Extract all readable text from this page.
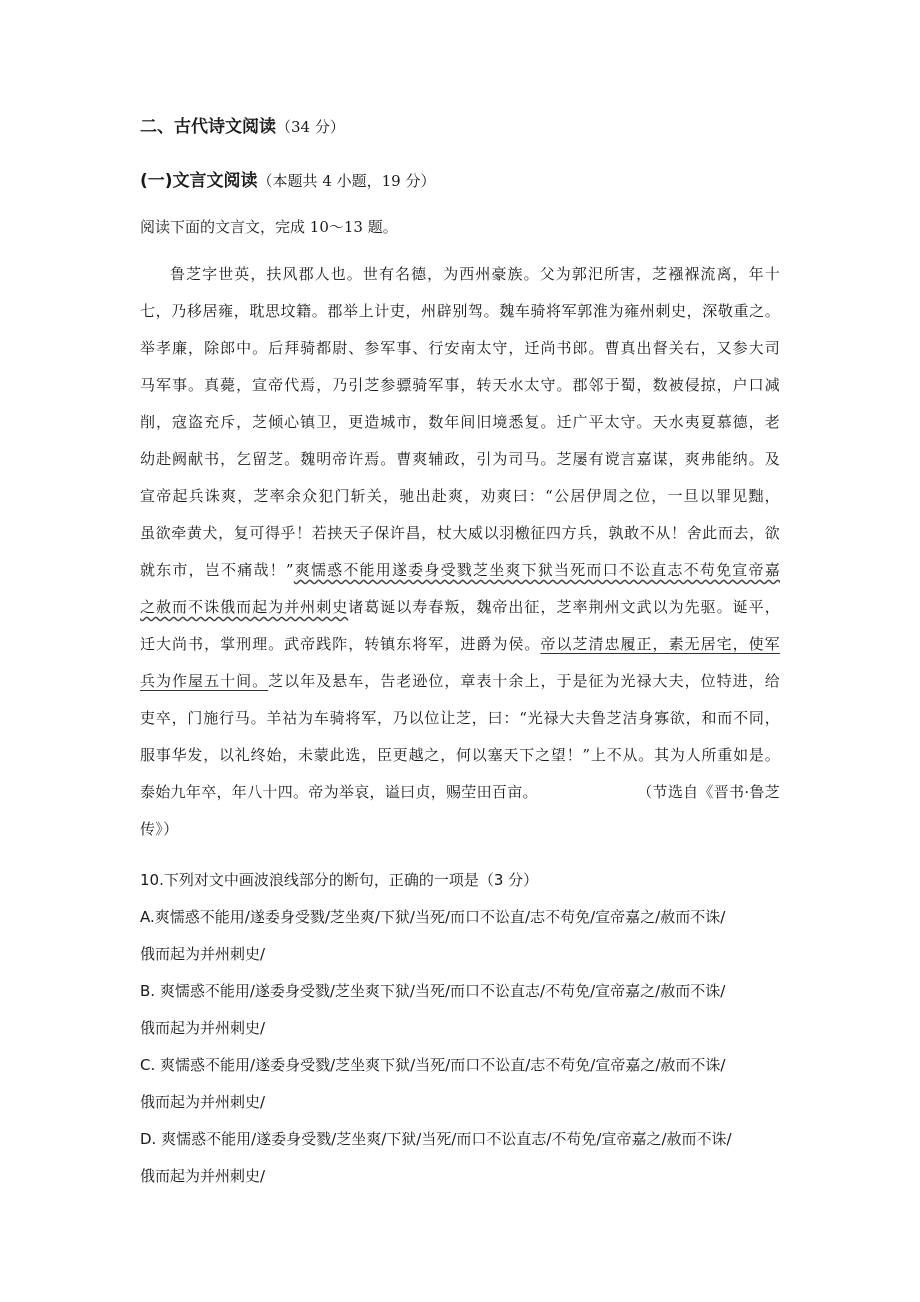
二、古代诗文阅读（34 分）
(一)文言文阅读（本题共 4 小题，19 分）
阅读下面的文言文，完成 10～13 题。
鲁芝字世英，扶风郡人也。世有名德，为西州豪族。父为郭汜所害，芝襁褓流离，年十
七，乃移居雍，耽思坟籍。郡举上计吏，州辟别驾。魏车骑将军郭淮为雍州刺史，深敬重之。
举孝廉，除郎中。后拜骑都尉、参军事、行安南太守，迁尚书郎。曹真出督关右，又参大司
马军事。真薨，宣帝代焉，乃引芝参骠骑军事，转天水太守。郡邻于蜀，数被侵掠，户口减
削，寇盗充斥，芝倾心镇卫，更造城市，数年间旧境悉复。迁广平太守。天水夷夏慕德，老
幼赴阙献书，乞留芝。魏明帝许焉。曹爽辅政，引为司马。芝屡有谠言嘉谋，爽弗能纳。及
宣帝起兵诛爽，芝率余众犯门斩关，驰出赴爽，劝爽曰：“公居伊周之位，一旦以罪见黜，
虽欲牵黄犬，复可得乎！若挟天子保许昌，杖大威以羽檄征四方兵，孰敢不从！舍此而去，欲
就东市，岂不痛哉！”爽懦惑不能用遂委身受戮芝坐爽下狱当死而口不讼直志不苟免宣帝嘉
之赦而不诛俄而起为并州刺史诸葛诞以寿春叛，魏帝出征，芝率荆州文武以为先驱。诞平，
迁大尚书，掌刑理。武帝践阼，转镇东将军，进爵为侯。帝以芝清忠履正，素无居宅，使军
兵为作屋五十间。芝以年及悬车，告老逊位，章表十余上，于是征为光禄大夫，位特进，给
吏卒，门施行马。羊祜为车骑将军，乃以位让芝，曰：“光禄大夫鲁芝洁身寡欲，和而不同，
服事华发，以礼终始，未蒙此选，臣更越之，何以塞天下之望！”上不从。其为人所重如是。
泰始九年卒，年八十四。帝为举哀，谥曰贞，赐茔田百亩。	（节选自《晋书·鲁芝
传》）
10.下列对文中画波浪线部分的断句，正确的一项是（3 分）
A.爽懦惑不能用/遂委身受戮/芝坐爽/下狱/当死/而口不讼直/志不苟免/宣帝嘉之/赦而不诛/
俄而起为并州刺史/
B. 爽懦惑不能用/遂委身受戮/芝坐爽下狱/当死/而口不讼直志/不苟免/宣帝嘉之/赦而不诛/
俄而起为并州刺史/
C. 爽懦惑不能用/遂委身受戮/芝坐爽下狱/当死/而口不讼直/志不苟免/宣帝嘉之/赦而不诛/
俄而起为并州刺史/
D. 爽懦惑不能用/遂委身受戮/芝坐爽/下狱/当死/而口不讼直志/不苟免/宣帝嘉之/赦而不诛/
俄而起为并州刺史/
